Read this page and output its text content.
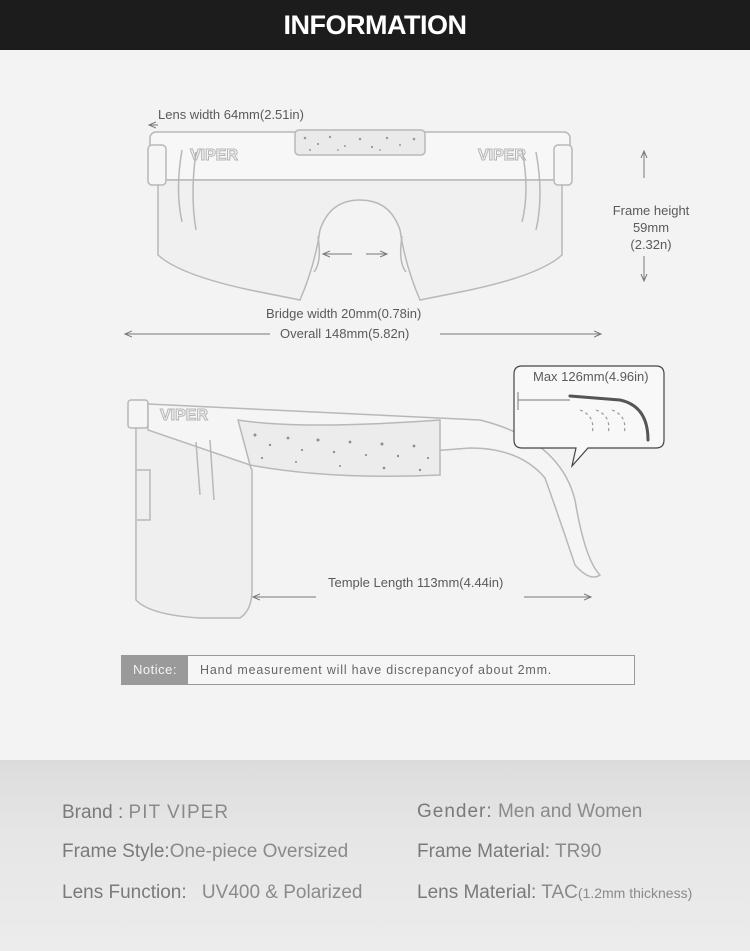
INFORMATION
VIPER	VIPER
VIPER
Lens width 64mm(2.51in)
Frame height
59mm
(2.32n)
Bridge width 20mm(0.78in)
Overall 148mm(5.82n)
Max 126mm(4.96in)
Temple Length 113mm(4.44in)
Notice:	Hand measurement will have discrepancyof about 2mm.
Brand : PIT VIPER	Gender: Men and Women
Frame Style:One-piece Oversized	Frame Material: TR90
Lens Function: UV400 & Polarized	Lens Material: TAC(1.2mm thickness)
